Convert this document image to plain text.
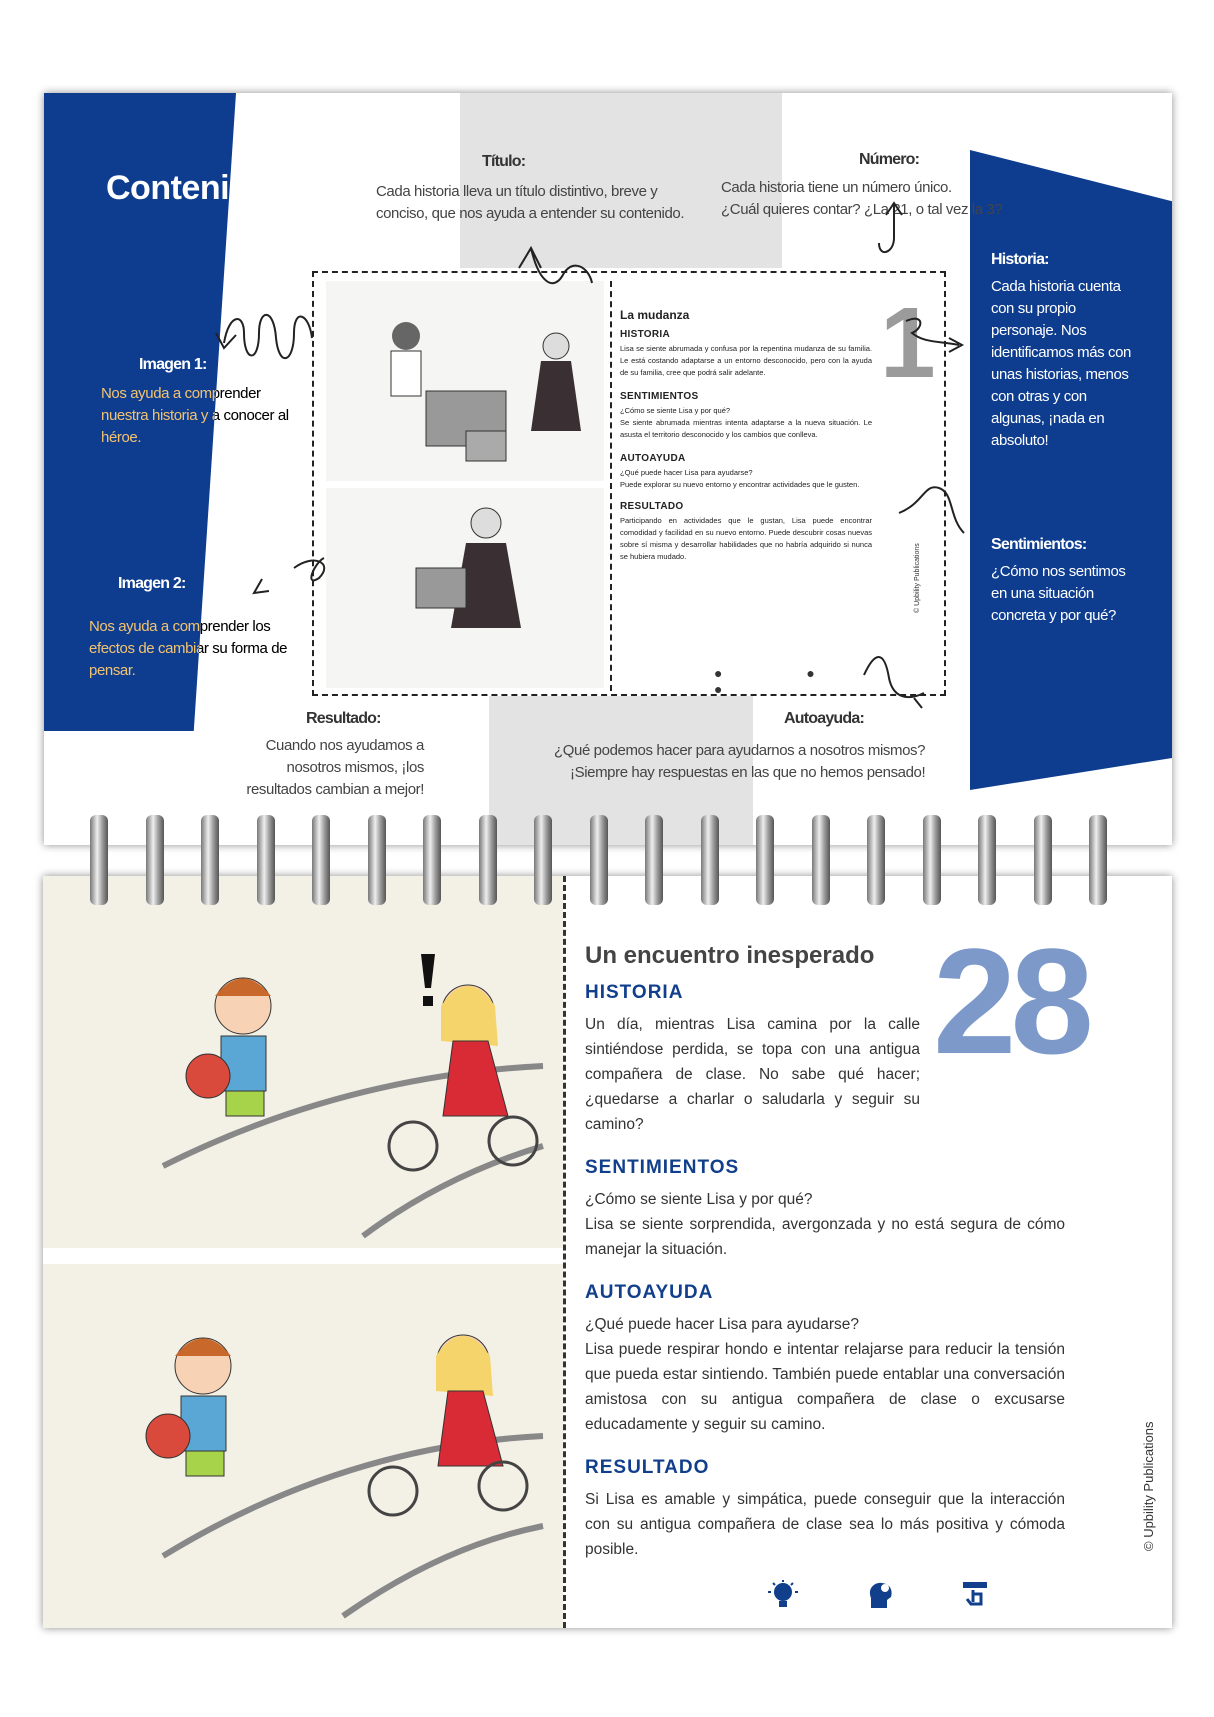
Contenido...
Título:
Cada historia lleva un título distintivo, breve y conciso, que nos ayuda a entender su contenido.
Número:
Cada historia tiene un número único.
¿Cuál quieres contar? ¿La 21, o tal vez la 3?
Historia:
Cada historia cuenta con su propio personaje. Nos identificamos más con unas historias, menos con otras y con algunas, ¡nada en absoluto!
Sentimientos:
¿Cómo nos sentimos en una situación concreta y por qué?
Imagen 1:
Nos ayuda a comprender nuestra historia y a conocer al héroe.
Imagen 2:
Nos ayuda a comprender los efectos de cambiar su forma de pensar.
Resultado:
Cuando nos ayudamos a nosotros mismos, ¡los resultados cambian a mejor!
Autoayuda:
¿Qué podemos hacer para ayudarnos a nosotros mismos?
¡Siempre hay respuestas en las que no hemos pensado!
1
La mudanza
HISTORIA

Lisa se siente abrumada y confusa por la repentina mudanza de su familia. Le está costando adaptarse a un entorno desconocido, pero con la ayuda de su familia, cree que podrá salir adelante.

SENTIMIENTOS

¿Cómo se siente Lisa y por qué?

Se siente abrumada mientras intenta adaptarse a la nueva situación. Le asusta el territorio desconocido y los cambios que conlleva.

AUTOAYUDA

¿Qué puede hacer Lisa para ayudarse?

Puede explorar su nuevo entorno y encontrar actividades que le gusten.

RESULTADO

Participando en actividades que le gustan, Lisa puede encontrar comodidad y facilidad en su nuevo entorno. Puede descubrir cosas nuevas sobre sí misma y desarrollar habilidades que no habría adquirido si nunca se hubiera mudado.	© Upbility Publications
● ● ●
28
Un encuentro inesperado
HISTORIA

Un día, mientras Lisa camina por la calle sintiéndose perdida, se topa con una antigua compañera de clase. No sabe qué hacer; ¿quedarse a charlar o saludarla y seguir su camino?

SENTIMIENTOS

¿Cómo se siente Lisa y por qué?

Lisa se siente sorprendida, avergonzada y no está segura de cómo manejar la situación.

AUTOAYUDA

¿Qué puede hacer Lisa para ayudarse?

Lisa puede respirar hondo e intentar relajarse para reducir la tensión que pueda estar sintiendo. También puede entablar una conversación amistosa con su antigua compañera de clase o excusarse educadamente y seguir su camino.

RESULTADO

Si Lisa es amable y simpática, puede conseguir que la interacción con su antigua compañera de clase sea lo más positiva y cómoda posible.	© Upbility Publications
